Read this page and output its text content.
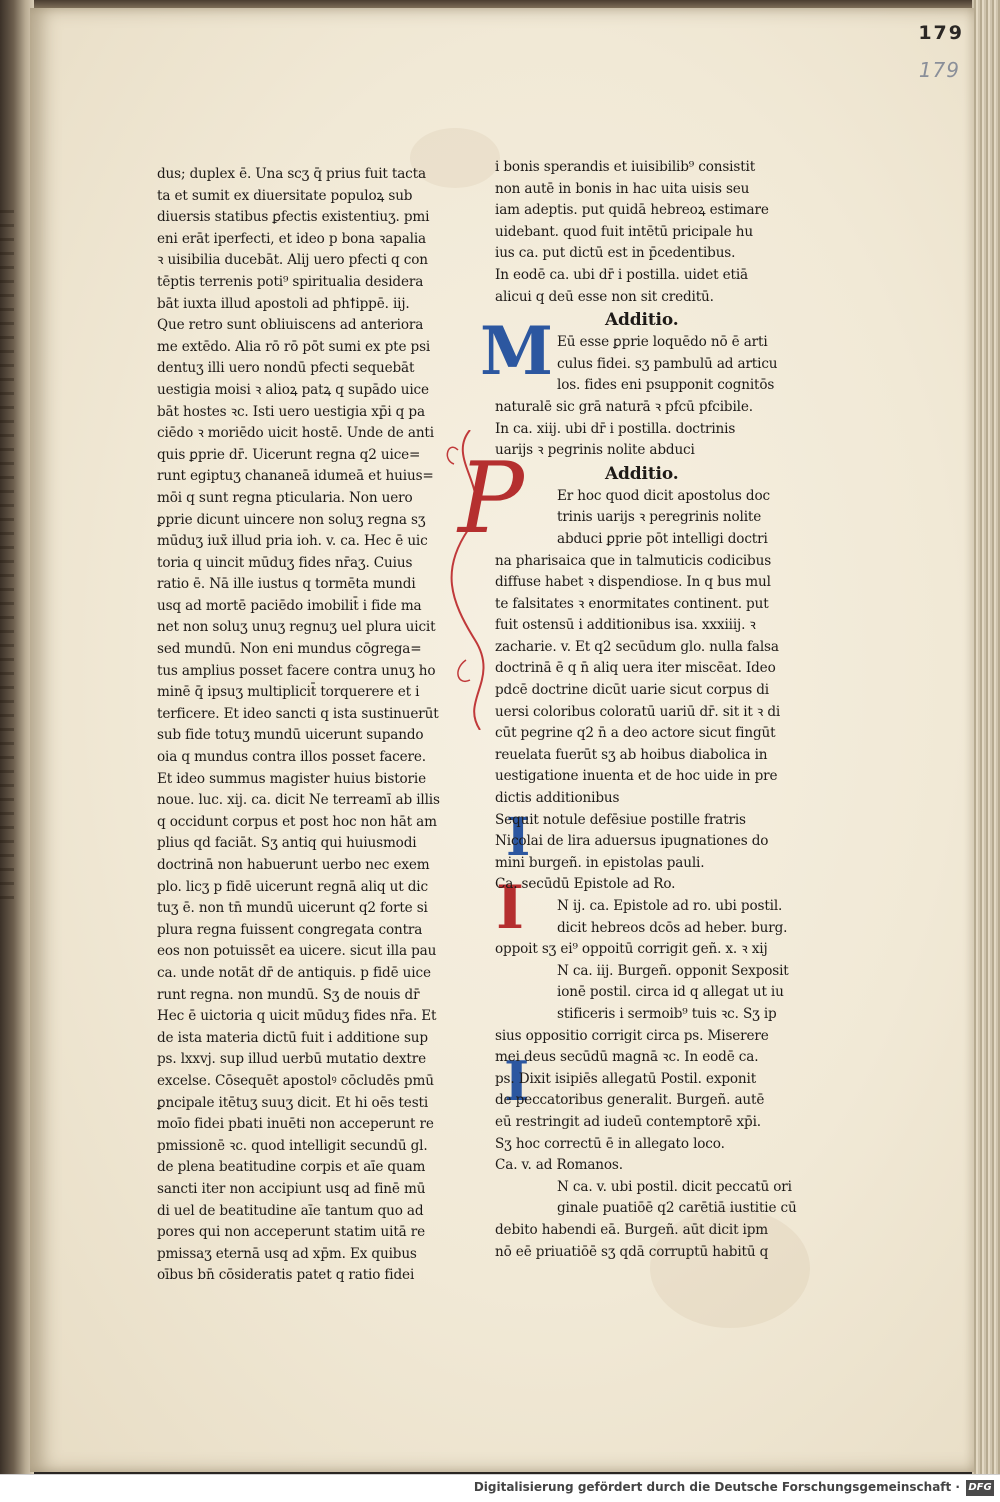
179
179
M
P
I
I
I
dus; duplex ē. Una scʒ q̄ prius fuit tacta
ta et sumit ex diuersitate populoꝝ sub
diuersis statibus ꝑfectis existentiuʒ. pmi
eni erāt iperfecti, et ideo p bona ꝛapalia
ꝛ uisibilia ducebāt. Alij uero pfecti q con
tēptis terrenis poti⁹ spiritualia desidera
bāt iuxta illud apostoli ad phꝉippē. iij.
Que retro sunt obliuiscens ad anteriora
me extēdo. Alia rō rō pōt sumi ex pte psi
dentuʒ illi uero nondū pfecti sequebāt
uestigia moisi ꝛ alioꝝ patꝝ q supādo uice
bāt hostes ꝛc. Isti uero uestigia xp̄i q pa
ciēdo ꝛ moriēdo uicit hostē. Unde de anti
quis ꝑprie dr̄. Uicerunt regna q2 uice=
runt egiptuʒ chananeā idumeā et huius=
mōi q sunt regna pticularia. Non uero
ꝑprie dicunt uincere non soluʒ regna sʒ
mūduʒ iux̄ illud pria ioh. v. ca. Hec ē uic
toria q uincit mūduʒ fides nr̄aʒ. Cuius
ratio ē. Nā ille iustus q tormēta mundi
usq ad mortē paciēdo imobilit̄ i fide ma
net non soluʒ unuʒ regnuʒ uel plura uicit
sed mundū. Non eni mundus cōgrega=
tus amplius posset facere contra unuʒ ho
minē q̄ ipsuʒ multiplicit̄ torquerere et i
terficere. Et ideo sancti q ista sustinuerūt
sub fide totuʒ mundū uicerunt supando
oia q mundus contra illos posset facere.
Et ideo summus magister huius bistorie
noue. luc. xij. ca. dicit Ne terreamī ab illis
q occidunt corpus et post hoc non hāt am
plius qd faciāt. Sʒ antiq qui huiusmodi
doctrinā non habuerunt uerbo nec exem
plo. licʒ p fidē uicerunt regnā aliq ut dic
tuʒ ē. non tn̄ mundū uicerunt q2 forte si
plura regna fuissent congregata contra
eos non potuissēt ea uicere. sicut illa pau
ca. unde notāt dr̄ de antiquis. p fidē uice
runt regna. non mundū. Sʒ de nouis dr̄
Hec ē uictoria q uicit mūduʒ fides nr̄a. Et
de ista materia dictū fuit i additione sup
ps. lxxvj. sup illud uerbū mutatio dextre
excelse. Cōsequēt apostolꝰ cōcludēs pmū
ꝑncipale itētuʒ suuʒ dicit. Et hi oēs testi
moīo fidei pbati inuēti non acceperunt re
pmissionē ꝛc. quod intelligit secundū gl.
de plena beatitudine corpis et aīe quam
sancti iter non accipiunt usq ad finē mū
di uel de beatitudine aīe tantum quo ad
pores qui non acceperunt statim uitā re
pmissaʒ eternā usq ad xp̄m. Ex quibus
oībus bn̄ cōsideratis patet q ratio fidei
i bonis sperandis et iuisibilib⁹ consistit
non autē in bonis in hac uita uisis seu
iam adeptis. put quidā hebreoꝝ estimare
uidebant. quod fuit intētū pricipale hu
ius ca. put dictū est in p̄cedentibus.
In eodē ca. ubi dr̄ i postilla. uidet etiā
alicui q deū esse non sit creditū.
Additio.
Eū esse ꝑprie loquēdo nō ē arti
culus fidei. sʒ pambulū ad articu
los. fides eni psupponit cognitōs
naturalē sic grā naturā ꝛ pfcū pfcibile.
In ca. xiij. ubi dr̄ i postilla. doctrinis
uarijs ꝛ pegrinis nolite abduci
Additio.
Er hoc quod dicit apostolus doc
trinis uarijs ꝛ peregrinis nolite
abduci ꝑprie pōt intelligi doctri
na pharisaica que in talmuticis codicibus
diffuse habet ꝛ dispendiose. In q bus mul
te falsitates ꝛ enormitates continent. put
fuit ostensū i additionibus isa. xxxiiij. ꝛ
zacharie. v. Et q2 secūdum glo. nulla falsa
doctrinā ē q n̄ aliq uera iter miscēat. Ideo
pdcē doctrine dicūt uarie sicut corpus di
uersi coloribus coloratū uariū dr̄. sit it ꝛ di
cūt pegrine q2 n̄ a deo actore sicut fingūt
reuelata fuerūt sʒ ab hoibus diabolica in
uestigatione inuenta et de hoc uide in pre
dictis additionibus
Sequit notule defēsiue postille fratris
Nicolai de lira aduersus ipugnationes do
mini burgeñ. in epistolas pauli.
Ca. secūdū Epistole ad Ro.
N ij. ca. Epistole ad ro. ubi postil.
dicit hebreos dcōs ad heber. burg.
oppoit sʒ ei⁹ oppoitū corrigit geñ. x. ꝛ xij
N ca. iij. Burgeñ. opponit Sexposit
ionē postil. circa id q allegat ut iu
stificeris i sermoib⁹ tuis ꝛc. Sʒ ip
sius oppositio corrigit circa ps. Miserere
mei deus secūdū magnā ꝛc. In eodē ca.
ps. Dixit isipiēs allegatū Postil. exponit
de peccatoribus generalit. Burgeñ. autē
eū restringit ad iudeū contemptorē xp̄i.
Sʒ hoc correctū ē in allegato loco.
Ca. v. ad Romanos.
N ca. v. ubi postil. dicit peccatū ori
ginale puatiōē q2 carētiā iustitie cū
debito habendi eā. Burgeñ. aūt dicit ipm
nō eē priuatiōē sʒ qdā corruptū habitū q
Digitalisierung gefördert durch die Deutsche Forschungsgemeinschaft · DFG
